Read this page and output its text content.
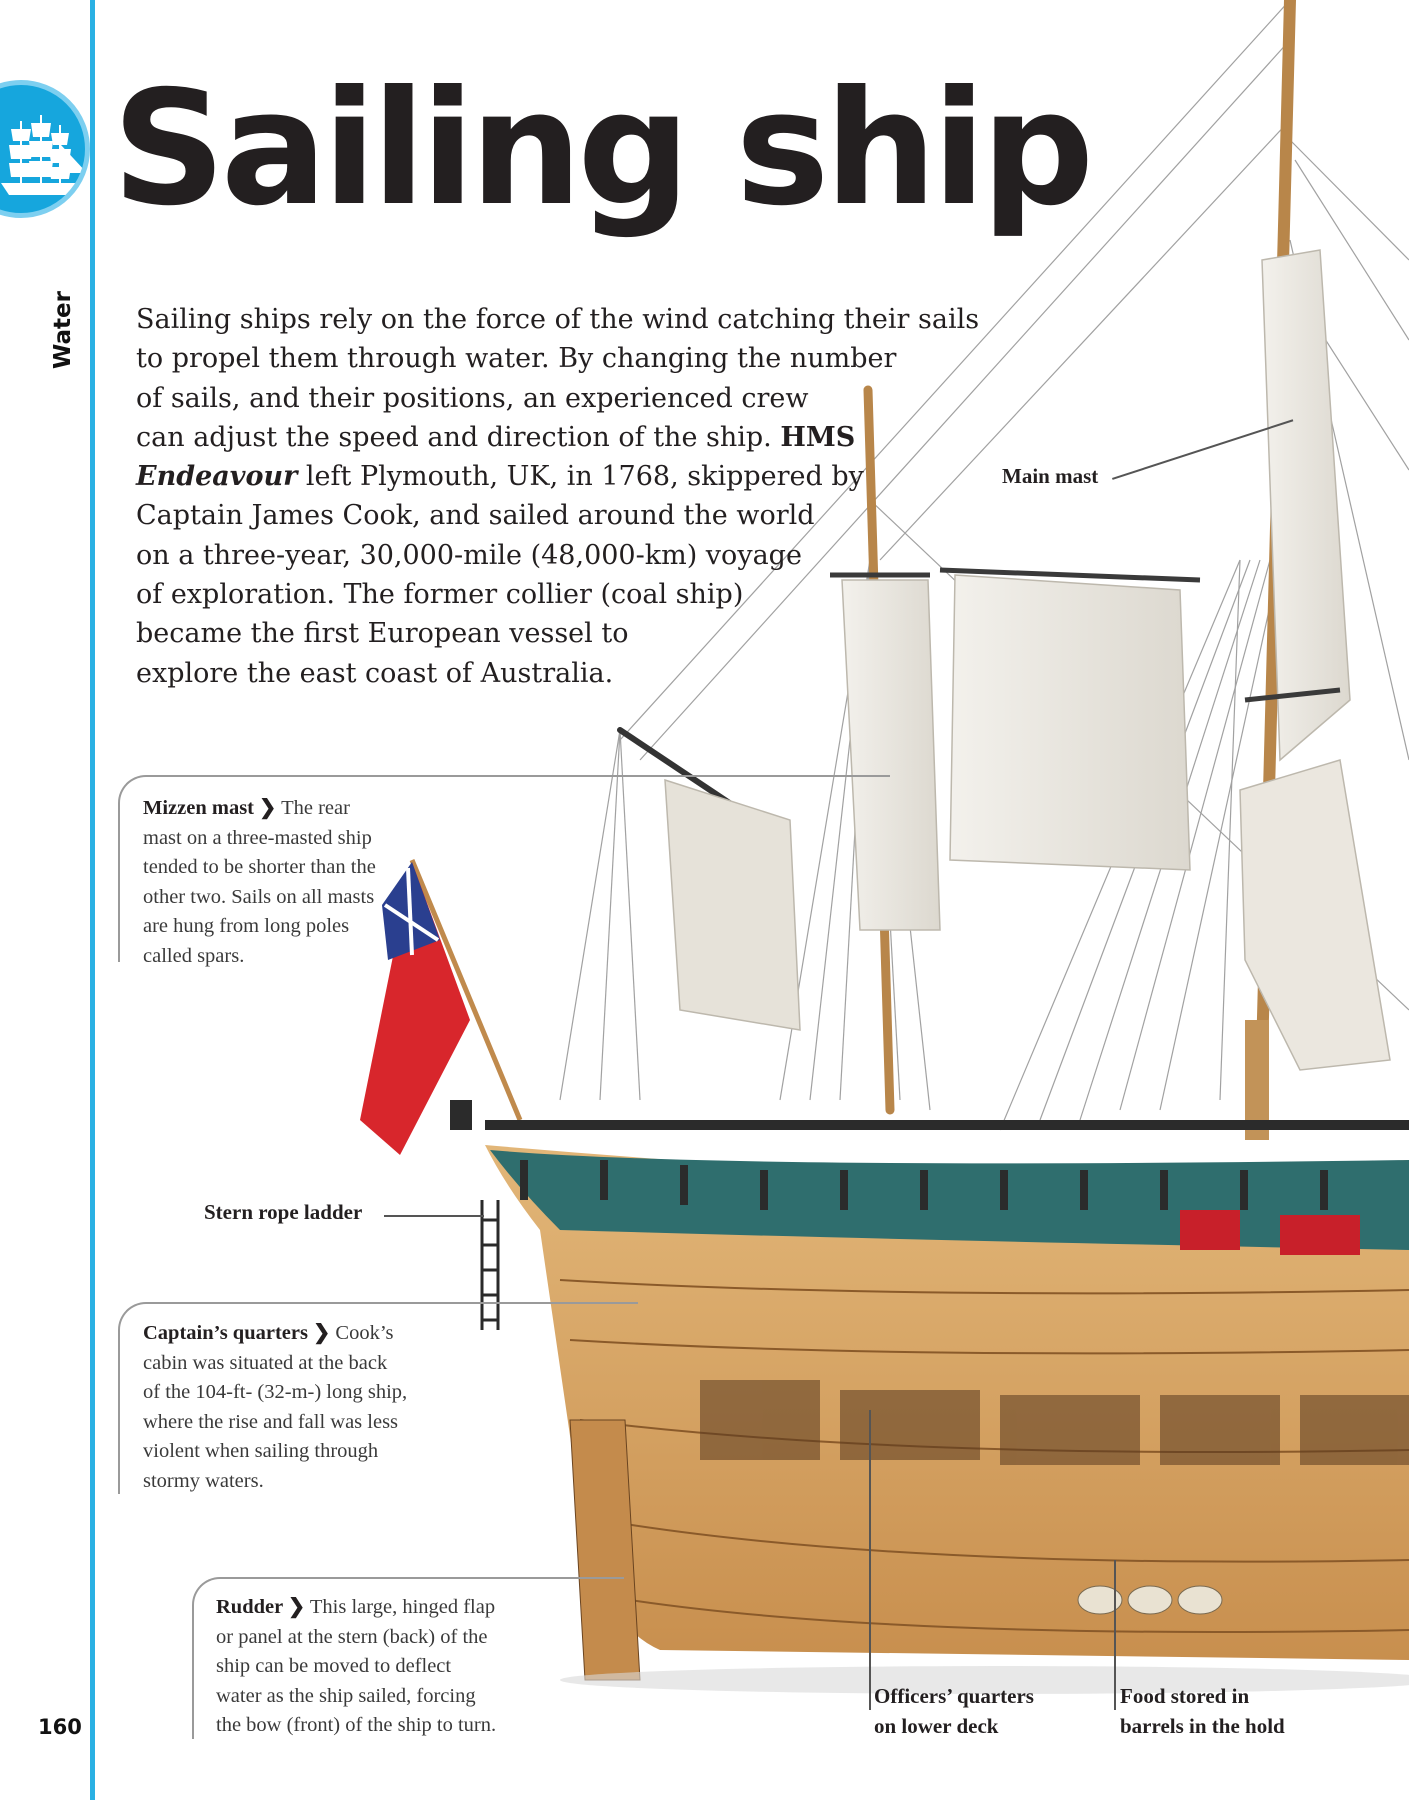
Water
160
Sailing ship
Sailing ships rely on the force of the wind catching their sails
to propel them through water. By changing the number
of sails, and their positions, an experienced crew
can adjust the speed and direction of the ship. HMS
Endeavour left Plymouth, UK, in 1768, skippered by
Captain James Cook, and sailed around the world
on a three-year, 30,000-mile (48,000-km) voyage
of exploration. The former collier (coal ship)
became the first European vessel to
explore the east coast of Australia.
Main mast
Mizzen mast ❯ The rear
mast on a three-masted ship
tended to be shorter than the
other two. Sails on all masts
are hung from long poles
called spars.
Stern rope ladder
Captain’s quarters ❯ Cook’s
cabin was situated at the back
of the 104-ft- (32-m-) long ship,
where the rise and fall was less
violent when sailing through
stormy waters.
Rudder ❯ This large, hinged flap
or panel at the stern (back) of the
ship can be moved to deflect
water as the ship sailed, forcing
the bow (front) of the ship to turn.
Officers’ quarters
on lower deck
Food stored in
barrels in the hold
